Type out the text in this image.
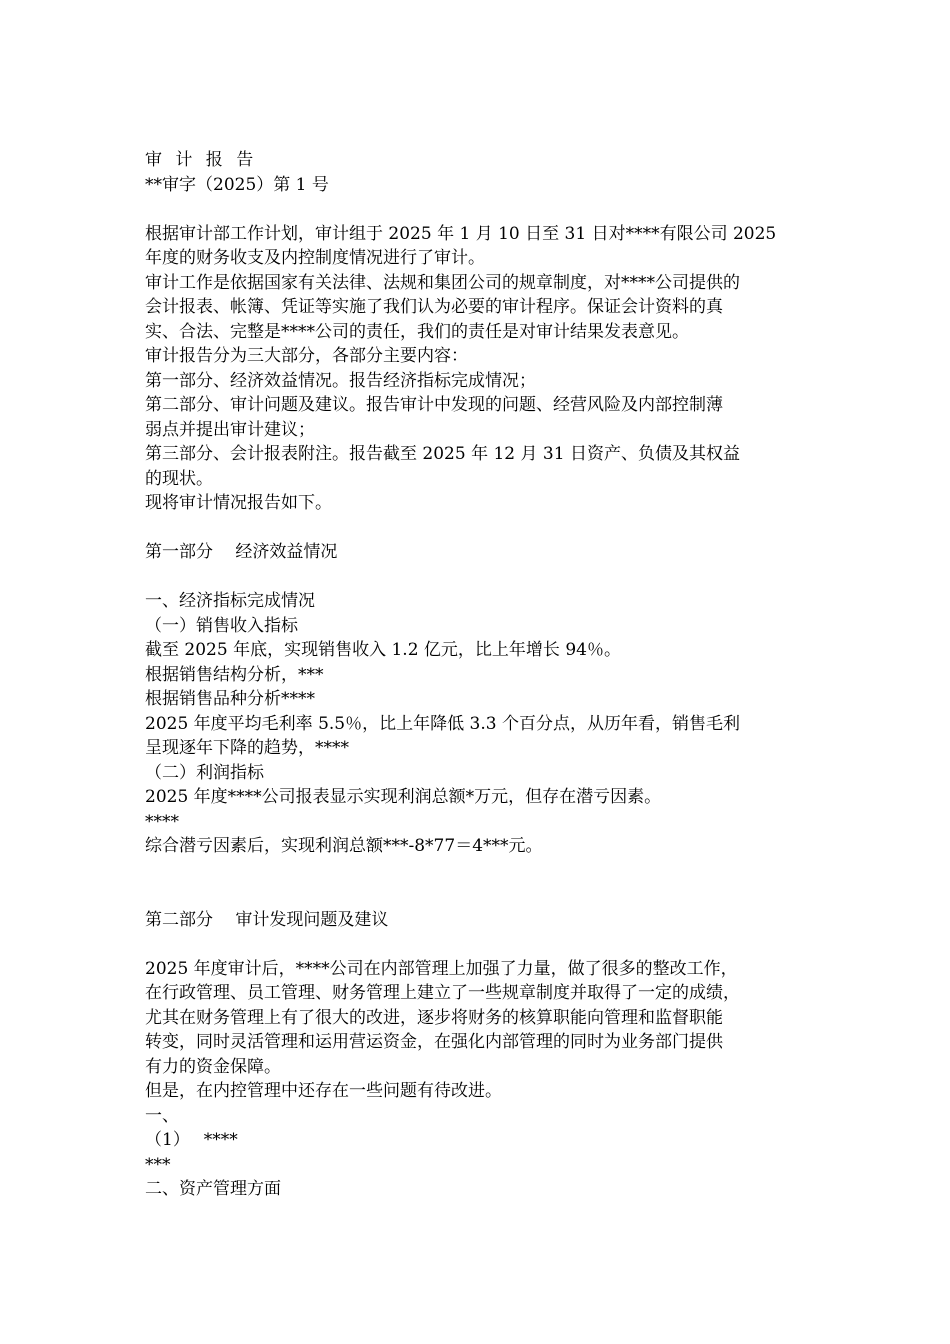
审 计 报 告
**审字（2025）第 1 号
根据审计部工作计划，审计组于 2025 年 1 月 10 日至 31 日对****有限公司 2025
年度的财务收支及内控制度情况进行了审计。
审计工作是依据国家有关法律、法规和集团公司的规章制度，对****公司提供的
会计报表、帐簿、凭证等实施了我们认为必要的审计程序。保证会计资料的真
实、合法、完整是****公司的责任，我们的责任是对审计结果发表意见。
审计报告分为三大部分，各部分主要内容：
第一部分、经济效益情况。报告经济指标完成情况；
第二部分、审计问题及建议。报告审计中发现的问题、经营风险及内部控制薄
弱点并提出审计建议；
第三部分、会计报表附注。报告截至 2025 年 12 月 31 日资产、负债及其权益
的现状。
现将审计情况报告如下。
第一部分　 经济效益情况
一、经济指标完成情况
（一）销售收入指标
截至 2025 年底，实现销售收入 1.2 亿元，比上年增长 94％。
根据销售结构分析，***
根据销售品种分析****
2025 年度平均毛利率 5.5％，比上年降低 3.3 个百分点，从历年看，销售毛利
呈现逐年下降的趋势，****
（二）利润指标
2025 年度****公司报表显示实现利润总额*万元，但存在潜亏因素。
****
综合潜亏因素后，实现利润总额***-8*77＝4***元。
第二部分　 审计发现问题及建议
2025 年度审计后，****公司在内部管理上加强了力量，做了很多的整改工作，
在行政管理、员工管理、财务管理上建立了一些规章制度并取得了一定的成绩，
尤其在财务管理上有了很大的改进，逐步将财务的核算职能向管理和监督职能
转变，同时灵活管理和运用营运资金，在强化内部管理的同时为业务部门提供
有力的资金保障。
但是，在内控管理中还存在一些问题有待改进。
一、
（1）　 ****
***
二、资产管理方面
